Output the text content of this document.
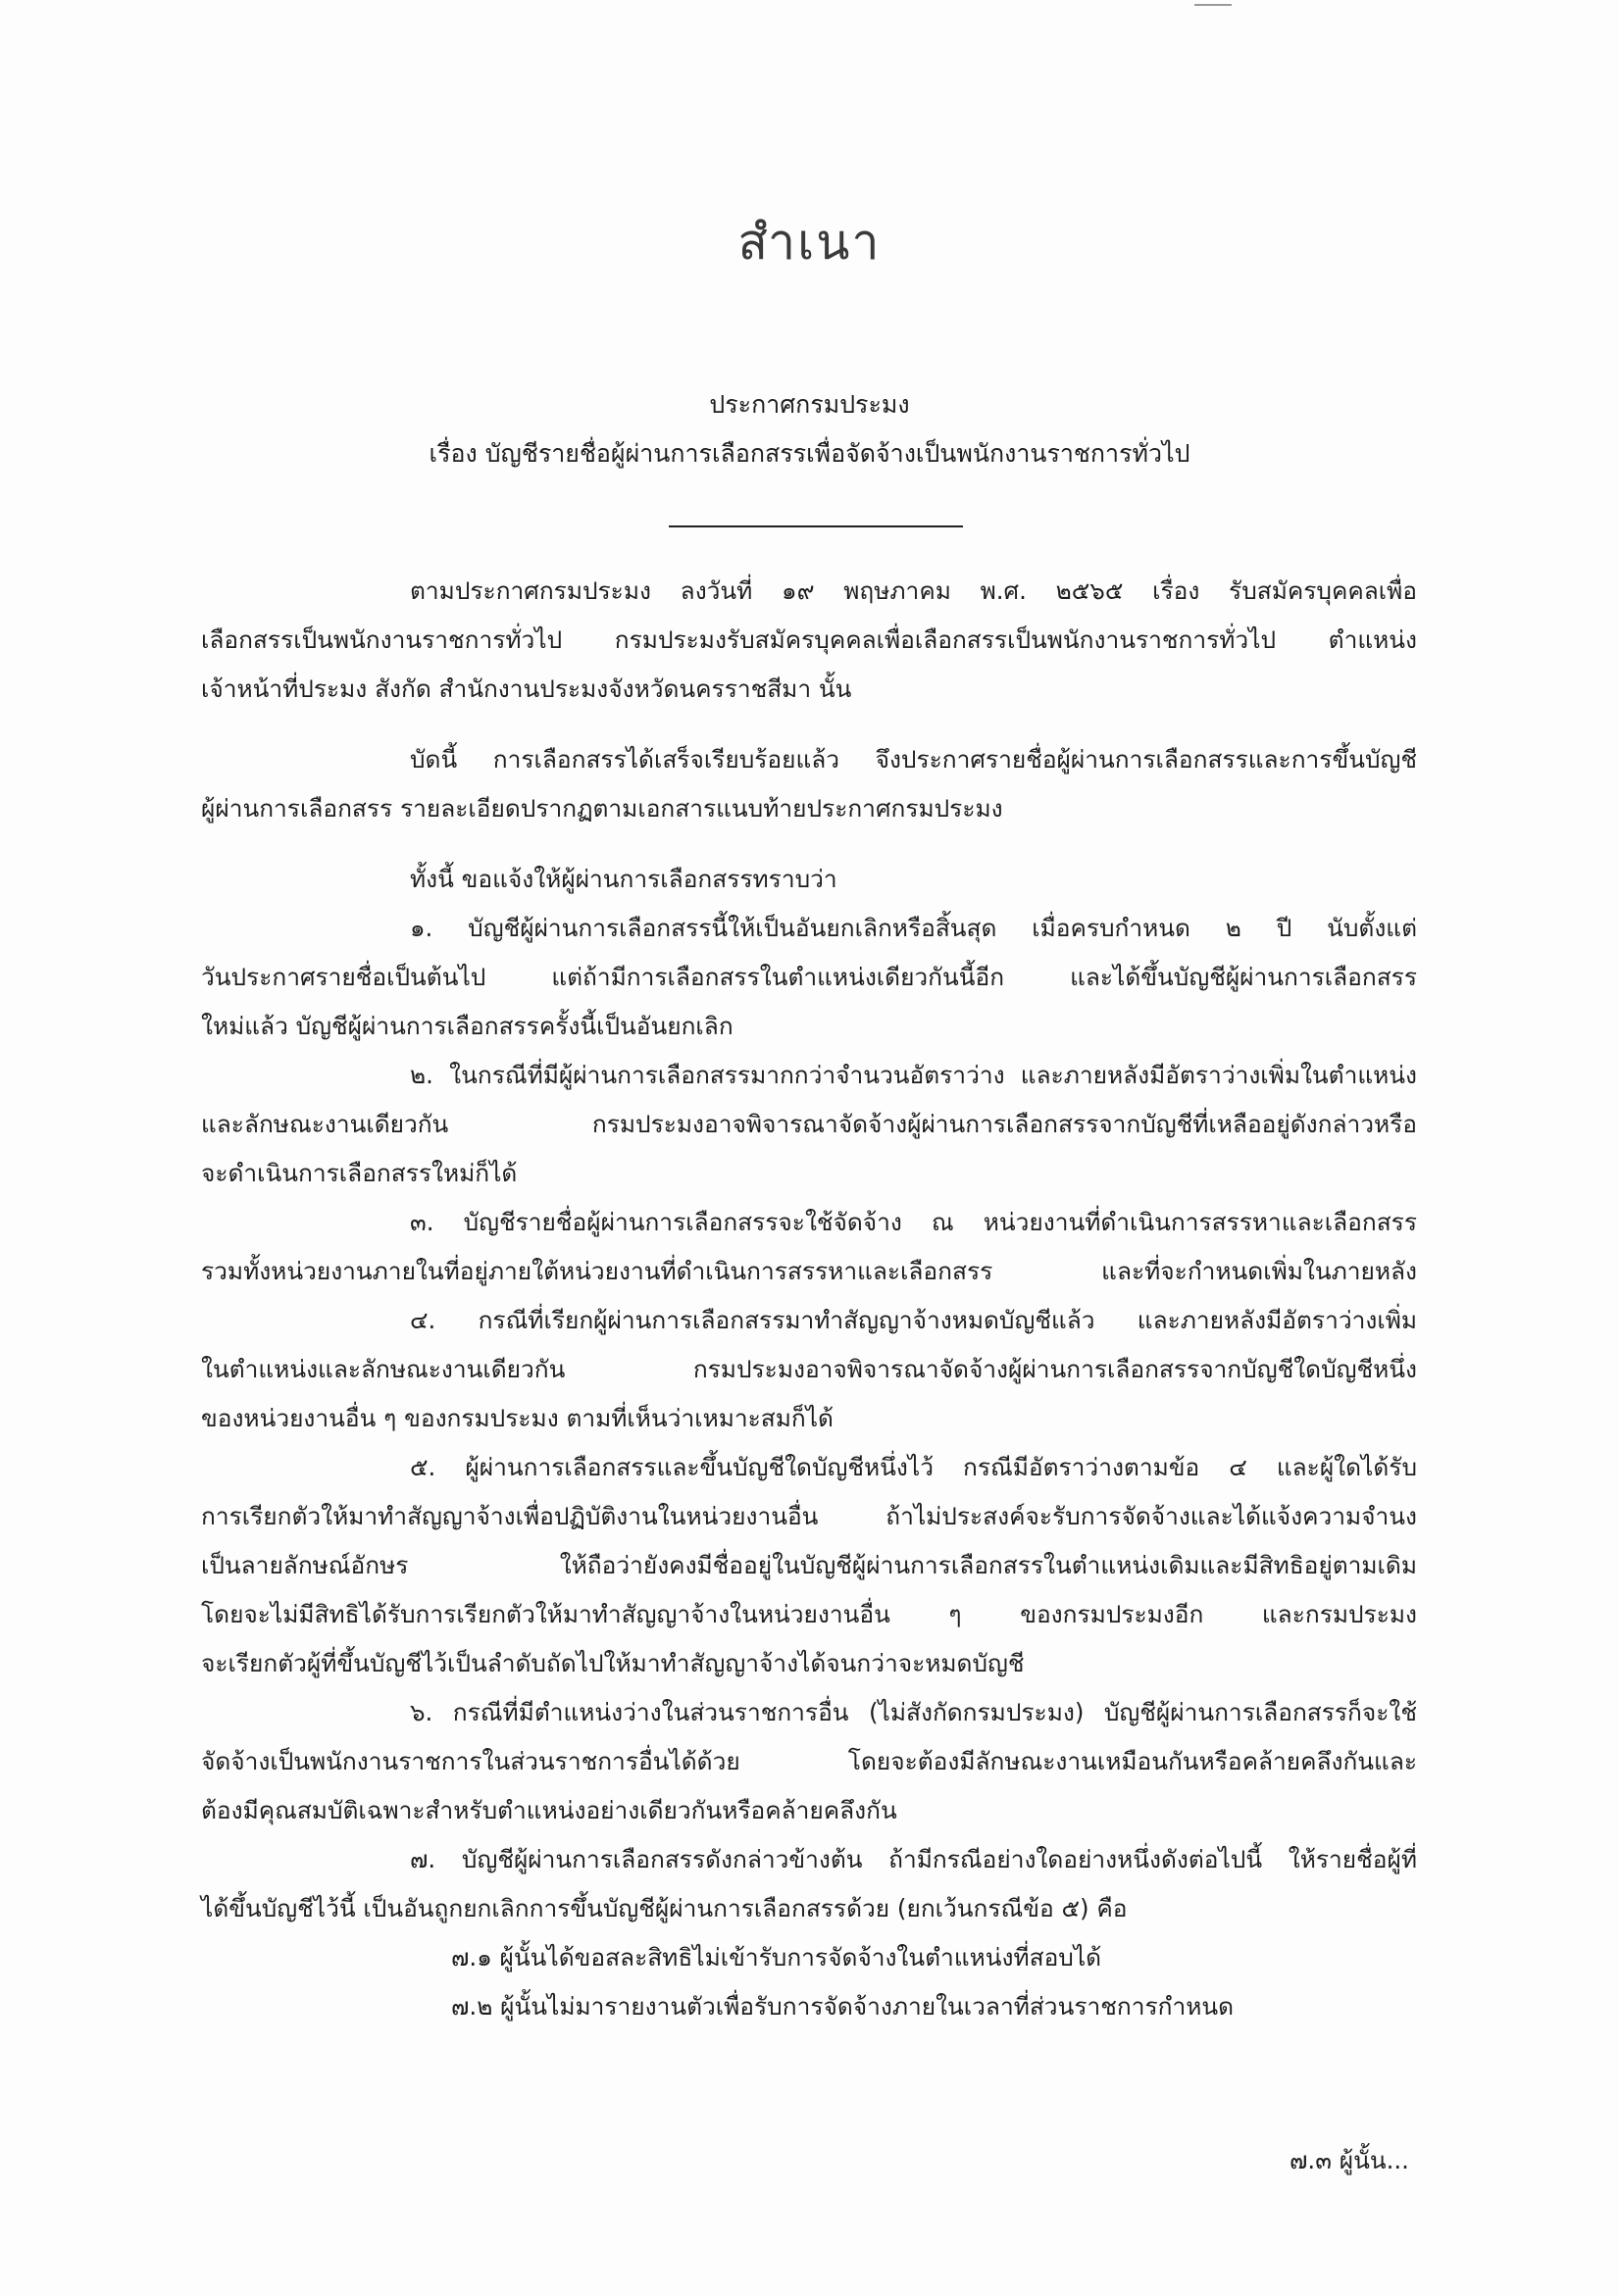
สำเนา
ประกาศกรมประมง
เรื่อง บัญชีรายชื่อผู้ผ่านการเลือกสรรเพื่อจัดจ้างเป็นพนักงานราชการทั่วไป
ตามประกาศกรมประมง ลงวันที่ ๑๙ พฤษภาคม พ.ศ. ๒๕๖๕ เรื่อง รับสมัครบุคคลเพื่อ
เลือกสรรเป็นพนักงานราชการทั่วไป กรมประมงรับสมัครบุคคลเพื่อเลือกสรรเป็นพนักงานราชการทั่วไป ตำแหน่ง
เจ้าหน้าที่ประมง สังกัด สำนักงานประมงจังหวัดนครราชสีมา นั้น
บัดนี้ การเลือกสรรได้เสร็จเรียบร้อยแล้ว จึงประกาศรายชื่อผู้ผ่านการเลือกสรรและการขึ้นบัญชี
ผู้ผ่านการเลือกสรร รายละเอียดปรากฏตามเอกสารแนบท้ายประกาศกรมประมง
ทั้งนี้ ขอแจ้งให้ผู้ผ่านการเลือกสรรทราบว่า
๑. บัญชีผู้ผ่านการเลือกสรรนี้ให้เป็นอันยกเลิกหรือสิ้นสุด เมื่อครบกำหนด ๒ ปี นับตั้งแต่
วันประกาศรายชื่อเป็นต้นไป แต่ถ้ามีการเลือกสรรในตำแหน่งเดียวกันนี้อีก และได้ขึ้นบัญชีผู้ผ่านการเลือกสรร
ใหม่แล้ว บัญชีผู้ผ่านการเลือกสรรครั้งนี้เป็นอันยกเลิก
๒. ในกรณีที่มีผู้ผ่านการเลือกสรรมากกว่าจำนวนอัตราว่าง และภายหลังมีอัตราว่างเพิ่มในตำแหน่ง
และลักษณะงานเดียวกัน กรมประมงอาจพิจารณาจัดจ้างผู้ผ่านการเลือกสรรจากบัญชีที่เหลืออยู่ดังกล่าวหรือ
จะดำเนินการเลือกสรรใหม่ก็ได้
๓. บัญชีรายชื่อผู้ผ่านการเลือกสรรจะใช้จัดจ้าง ณ หน่วยงานที่ดำเนินการสรรหาและเลือกสรร
รวมทั้งหน่วยงานภายในที่อยู่ภายใต้หน่วยงานที่ดำเนินการสรรหาและเลือกสรร และที่จะกำหนดเพิ่มในภายหลัง
๔. กรณีที่เรียกผู้ผ่านการเลือกสรรมาทำสัญญาจ้างหมดบัญชีแล้ว และภายหลังมีอัตราว่างเพิ่ม
ในตำแหน่งและลักษณะงานเดียวกัน กรมประมงอาจพิจารณาจัดจ้างผู้ผ่านการเลือกสรรจากบัญชีใดบัญชีหนึ่ง
ของหน่วยงานอื่น ๆ ของกรมประมง ตามที่เห็นว่าเหมาะสมก็ได้
๕. ผู้ผ่านการเลือกสรรและขึ้นบัญชีใดบัญชีหนึ่งไว้ กรณีมีอัตราว่างตามข้อ ๔ และผู้ใดได้รับ
การเรียกตัวให้มาทำสัญญาจ้างเพื่อปฏิบัติงานในหน่วยงานอื่น ถ้าไม่ประสงค์จะรับการจัดจ้างและได้แจ้งความจำนง
เป็นลายลักษณ์อักษร ให้ถือว่ายังคงมีชื่ออยู่ในบัญชีผู้ผ่านการเลือกสรรในตำแหน่งเดิมและมีสิทธิอยู่ตามเดิม
โดยจะไม่มีสิทธิได้รับการเรียกตัวให้มาทำสัญญาจ้างในหน่วยงานอื่น ๆ ของกรมประมงอีก และกรมประมง
จะเรียกตัวผู้ที่ขึ้นบัญชีไว้เป็นลำดับถัดไปให้มาทำสัญญาจ้างได้จนกว่าจะหมดบัญชี
๖. กรณีที่มีตำแหน่งว่างในส่วนราชการอื่น (ไม่สังกัดกรมประมง) บัญชีผู้ผ่านการเลือกสรรก็จะใช้
จัดจ้างเป็นพนักงานราชการในส่วนราชการอื่นได้ด้วย โดยจะต้องมีลักษณะงานเหมือนกันหรือคล้ายคลึงกันและ
ต้องมีคุณสมบัติเฉพาะสำหรับตำแหน่งอย่างเดียวกันหรือคล้ายคลึงกัน
๗. บัญชีผู้ผ่านการเลือกสรรดังกล่าวข้างต้น ถ้ามีกรณีอย่างใดอย่างหนึ่งดังต่อไปนี้ ให้รายชื่อผู้ที่
ได้ขึ้นบัญชีไว้นี้ เป็นอันถูกยกเลิกการขึ้นบัญชีผู้ผ่านการเลือกสรรด้วย (ยกเว้นกรณีข้อ ๕) คือ
๗.๑ ผู้นั้นได้ขอสละสิทธิไม่เข้ารับการจัดจ้างในตำแหน่งที่สอบได้
๗.๒ ผู้นั้นไม่มารายงานตัวเพื่อรับการจัดจ้างภายในเวลาที่ส่วนราชการกำหนด
๗.๓ ผู้นั้น...
